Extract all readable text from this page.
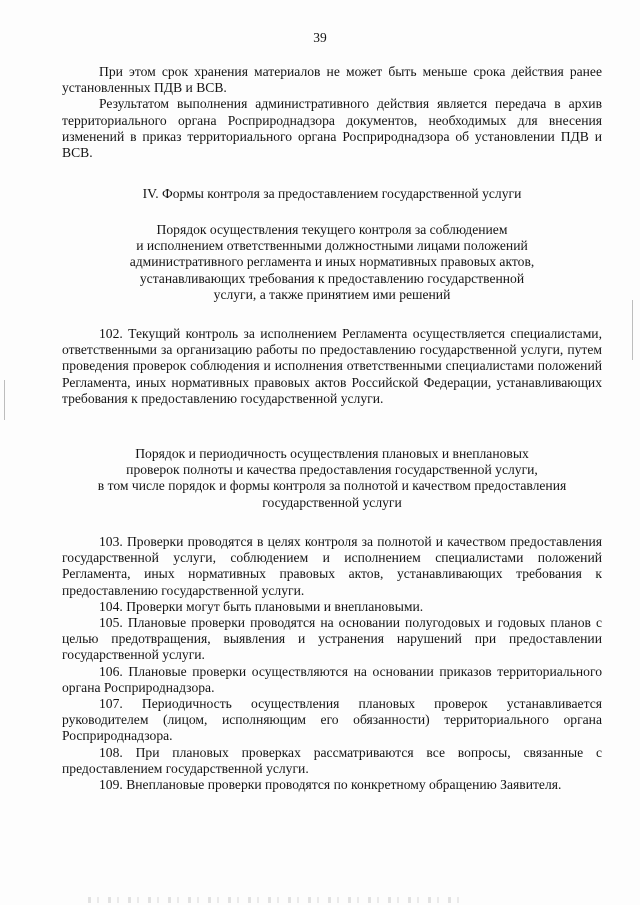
39

При этом срок хранения материалов не может быть меньше срока действия ранее установленных ПДВ и ВСВ.

Результатом выполнения административного действия является передача в архив территориального органа Росприроднадзора документов, необходимых для внесения изменений в приказ территориального органа Росприроднадзора об установлении ПДВ и ВСВ.

IV. Формы контроля за предоставлением государственной услуги

Порядок осуществления текущего контроля за соблюдением
и исполнением ответственными должностными лицами положений
административного регламента и иных нормативных правовых актов,
устанавливающих требования к предоставлению государственной
услуги, а также принятием ими решений

102. Текущий контроль за исполнением Регламента осуществляется специалистами, ответственными за организацию работы по предоставлению государственной услуги, путем проведения проверок соблюдения и исполнения ответственными специалистами положений Регламента, иных нормативных правовых актов Российской Федерации, устанавливающих требования к предоставлению государственной услуги.

Порядок и периодичность осуществления плановых и внеплановых
проверок полноты и качества предоставления государственной услуги,
в том числе порядок и формы контроля за полнотой и качеством предоставления
государственной услуги

103. Проверки проводятся в целях контроля за полнотой и качеством предоставления государственной услуги, соблюдением и исполнением специалистами положений Регламента, иных нормативных правовых актов, устанавливающих требования к предоставлению государственной услуги.

104. Проверки могут быть плановыми и внеплановыми.

105. Плановые проверки проводятся на основании полугодовых и годовых планов с целью предотвращения, выявления и устранения нарушений при предоставлении государственной услуги.

106. Плановые проверки осуществляются на основании приказов территориального органа Росприроднадзора.

107. Периодичность осуществления плановых проверок устанавливается руководителем (лицом, исполняющим его обязанности) территориального органа Росприроднадзора.

108. При плановых проверках рассматриваются все вопросы, связанные с предоставлением государственной услуги.

109. Внеплановые проверки проводятся по конкретному обращению Заявителя.
